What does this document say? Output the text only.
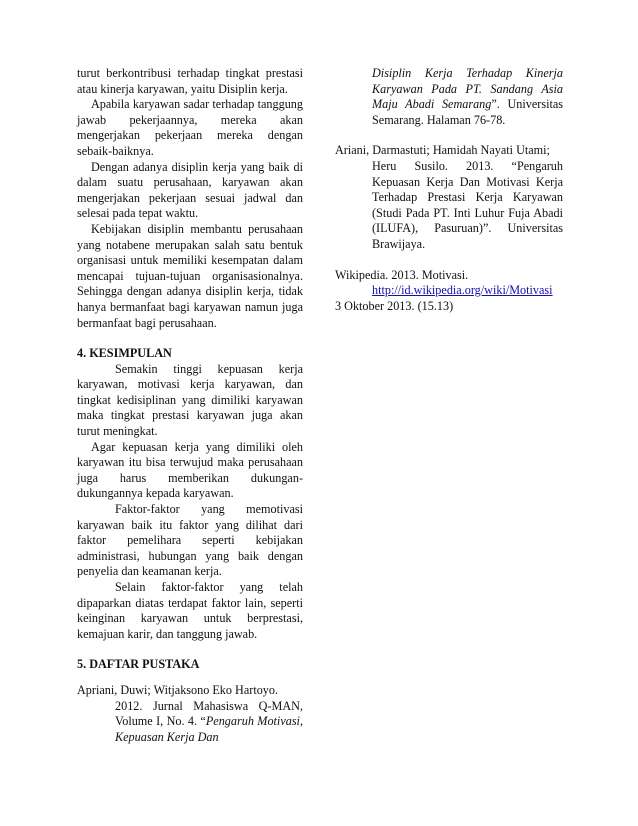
turut berkontribusi terhadap tingkat prestasi atau kinerja karyawan, yaitu Disiplin kerja.

Apabila karyawan sadar terhadap tanggung jawab pekerjaannya, mereka akan mengerjakan pekerjaan mereka dengan sebaik-baiknya.

Dengan adanya disiplin kerja yang baik di dalam suatu perusahaan, karyawan akan mengerjakan pekerjaan sesuai jadwal dan selesai pada tepat waktu.

Kebijakan disiplin membantu perusahaan yang notabene merupakan salah satu bentuk organisasi untuk memiliki kesempatan dalam mencapai tujuan-tujuan organisasionalnya. Sehingga dengan adanya disiplin kerja, tidak hanya bermanfaat bagi karyawan namun juga bermanfaat bagi perusahaan.

4. KESIMPULAN

Semakin tinggi kepuasan kerja karyawan, motivasi kerja karyawan, dan tingkat kedisiplinan yang dimiliki karyawan maka tingkat prestasi karyawan juga akan turut meningkat.

Agar kepuasan kerja yang dimiliki oleh karyawan itu bisa terwujud maka perusahaan juga harus memberikan dukungan-dukungannya kepada karyawan.

Faktor-faktor yang memotivasi karyawan baik itu faktor yang dilihat dari faktor pemelihara seperti kebijakan administrasi, hubungan yang baik dengan penyelia dan keamanan kerja.

Selain faktor-faktor yang telah dipaparkan diatas terdapat faktor lain, seperti keinginan karyawan untuk berprestasi, kemajuan karir, dan tanggung jawab.

5. DAFTAR PUSTAKA

Apriani, Duwi; Witjaksono Eko Hartoyo.
2012. Jurnal Mahasiswa Q-MAN, Volume I, No. 4. “Pengaruh Motivasi, Kepuasan Kerja Dan
Disiplin Kerja Terhadap Kinerja Karyawan Pada PT. Sandang Asia Maju Abadi Semarang”. Universitas Semarang. Halaman 76-78.
Ariani, Darmastuti; Hamidah Nayati Utami;
Heru Susilo. 2013. “Pengaruh Kepuasan Kerja Dan Motivasi Kerja Terhadap Prestasi Kerja Karyawan (Studi Pada PT. Inti Luhur Fuja Abadi (ILUFA), Pasuruan)”. Universitas Brawijaya.
Wikipedia. 2013. Motivasi.
http://id.wikipedia.org/wiki/Motivasi
3 Oktober 2013. (15.13)
